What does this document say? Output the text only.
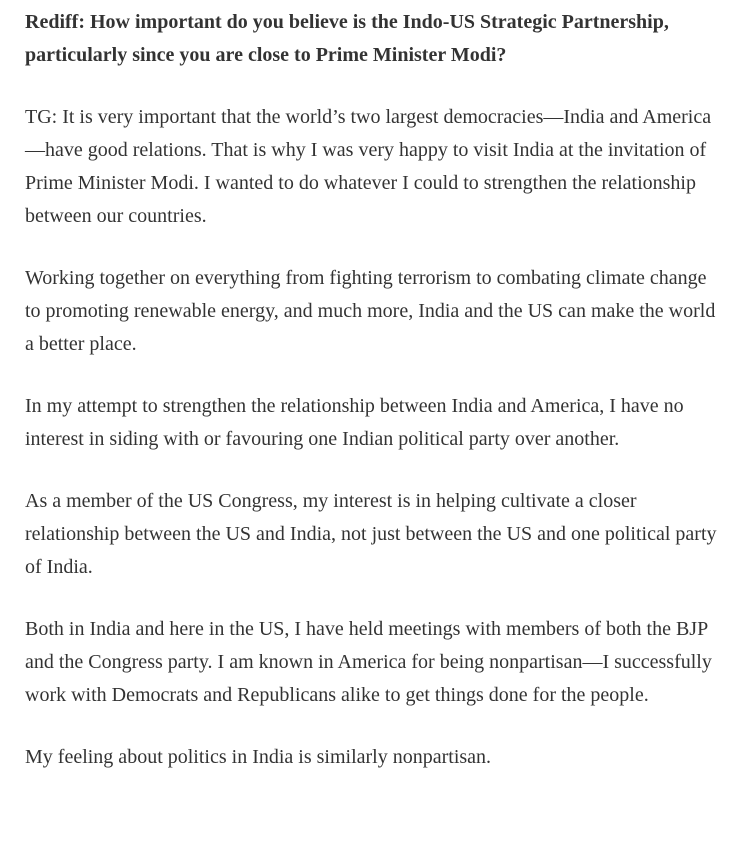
Rediff: How important do you believe is the Indo-US Strategic Partnership, particularly since you are close to Prime Minister Modi?

TG: It is very important that the world’s two largest democracies—India and America—have good relations. That is why I was very happy to visit India at the invitation of Prime Minister Modi. I wanted to do whatever I could to strengthen the relationship between our countries.

Working together on everything from fighting terrorism to combating climate change to promoting renewable energy, and much more, India and the US can make the world a better place.

In my attempt to strengthen the relationship between India and America, I have no interest in siding with or favouring one Indian political party over another.

As a member of the US Congress, my interest is in helping cultivate a closer relationship between the US and India, not just between the US and one political party of India.

Both in India and here in the US, I have held meetings with members of both the BJP and the Congress party. I am known in America for being nonpartisan—I successfully work with Democrats and Republicans alike to get things done for the people.

My feeling about politics in India is similarly nonpartisan.
